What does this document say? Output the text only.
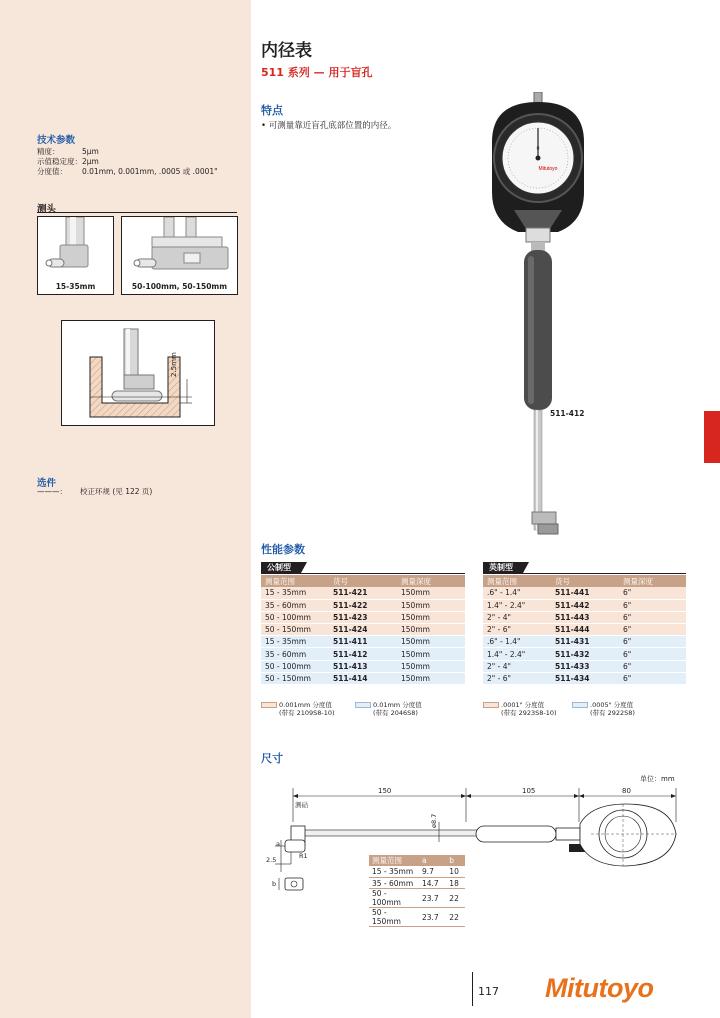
内径表
511 系列 — 用于盲孔
特点
• 可测量靠近盲孔底部位置的内径。
技术参数
精度：	5μm
示值稳定度： 2μm
分度值：	0.01mm, 0.001mm, .0005 或 .0001"
测头
15-35mm	50-100mm, 50-150mm
2.5mm
选件
———： 校正环规 (见 122 页)
0
Mitutoyo
511-412
性能参数
公制型
测量范围	货号	测量深度
15 - 35mm	511-421	150mm
35 - 60mm	511-422	150mm
50 - 100mm	511-423	150mm
50 - 150mm	511-424	150mm
15 - 35mm	511-411	150mm
35 - 60mm	511-412	150mm
50 - 100mm	511-413	150mm
50 - 150mm	511-414	150mm
0.001mm 分度值
(带有 2109S8-10)
0.01mm 分度值
(带有 2046S8)
英制型
测量范围	货号	测量深度
.6" - 1.4"	511-441	6"
1.4" - 2.4"	511-442	6"
2" - 4"	511-443	6"
2" - 6"	511-444	6"
.6" - 1.4"	511-431	6"
1.4" - 2.4"	511-432	6"
2" - 4"	511-433	6"
2" - 6"	511-434	6"
.0001" 分度值
(带有 2923S8-10)
.0005" 分度值
(带有 2922S8)
尺寸
单位：mm
150	105	80
ø8.7
测砧
R1
2.5
a
b
测量范围	a	b
15 - 35mm	9.7	10
35 - 60mm	14.7	18
50 - 100mm	23.7	22
50 - 150mm	23.7	22
117 Mitutoyo
